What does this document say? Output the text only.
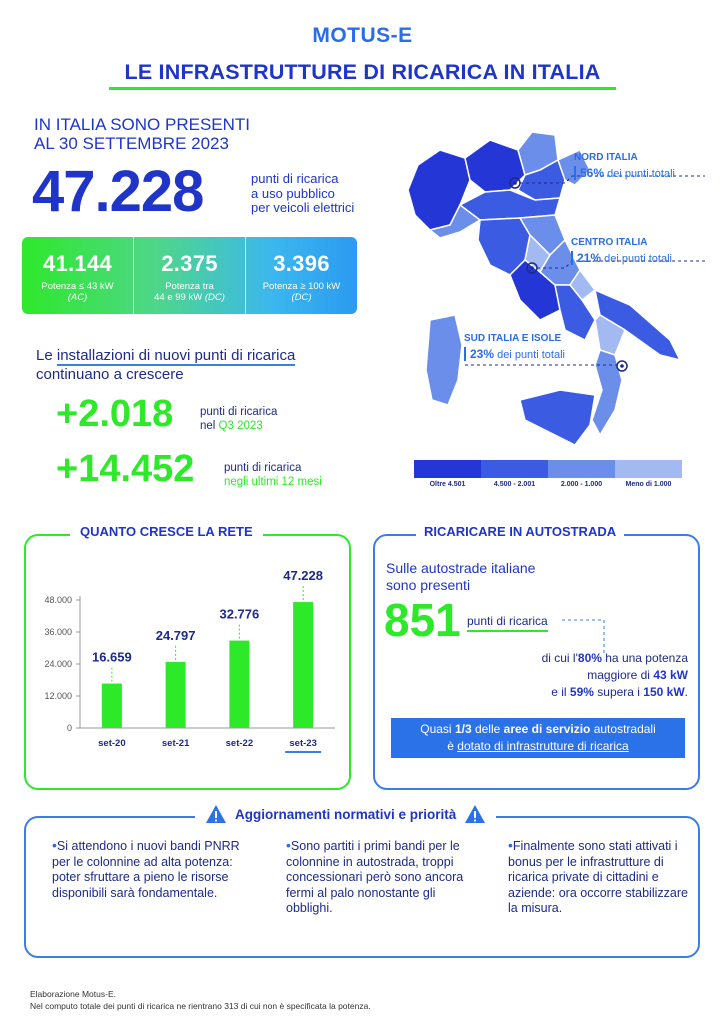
MOTUS-E
LE INFRASTRUTTURE DI RICARICA IN ITALIA
IN ITALIA SONO PRESENTI
AL 30 SETTEMBRE 2023
47.228	punti di ricarica
a uso pubblico
per veicoli elettrici
41.144
Potenza ≤ 43 kW
(AC)
2.375
Potenza tra
44 e 99 kW (DC)
3.396
Potenza ≥ 100 kW
(DC)
Le installazioni di nuovi punti di ricarica
continuano a crescere
+2.018 punti di ricarica
nel Q3 2023
+14.452	punti di ricarica
negli ultimi 12 mesi
NORD ITALIA
56% dei punti totali
CENTRO ITALIA
21% dei punti totali
SUD ITALIA E ISOLE
23% dei punti totali
Oltre 4.501	4.500 - 2.001	2.000 - 1.000	Meno di 1.000
QUANTO CRESCE LA RETE
0
12.000
24.000
36.000
48.000
16.659
set-20
24.797
set-21
32.776
set-22
47.228
set-23
RICARICARE IN AUTOSTRADA
Sulle autostrade italiane
sono presenti
851 punti di ricarica
di cui l'80% ha una potenza
maggiore di 43 kW
e il 59% supera i 150 kW.
Quasi 1/3 delle aree di servizio autostradali
è dotato di infrastrutture di ricarica
Aggiornamenti normativi e priorità
•Si attendono i nuovi bandi PNRR per le colonnine ad alta potenza: poter sfruttare a pieno le risorse disponibili sarà fondamentale.
•Sono partiti i primi bandi per le colonnine in autostrada, troppi concessionari però sono ancora fermi al palo nonostante gli obblighi.
•Finalmente sono stati attivati i bonus per le infrastrutture di ricarica private di cittadini e aziende: ora occorre stabilizzare la misura.
Elaborazione Motus-E.
Nel computo totale dei punti di ricarica ne rientrano 313 di cui non è specificata la potenza.
